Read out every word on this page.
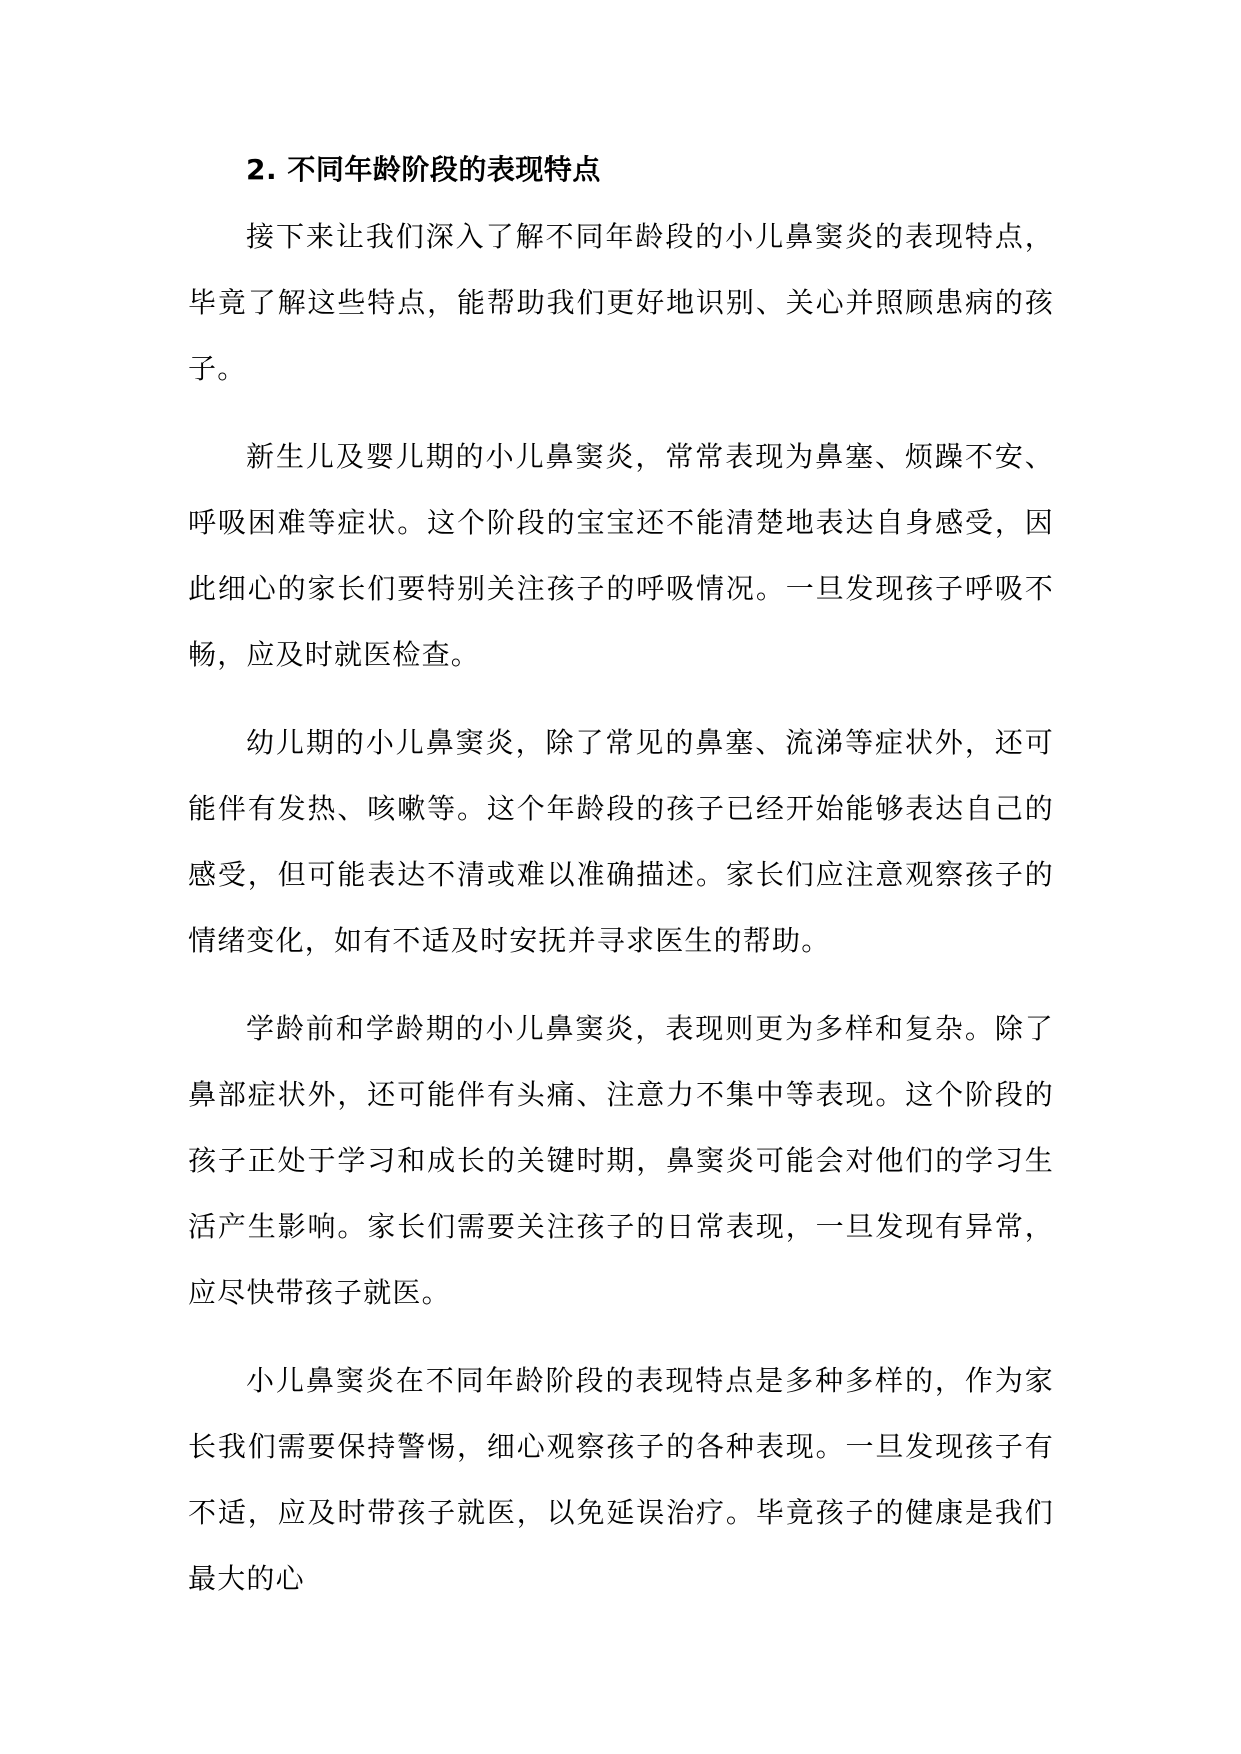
2. 不同年龄阶段的表现特点

接下来让我们深入了解不同年龄段的小儿鼻窦炎的表现特点，毕竟了解这些特点，能帮助我们更好地识别、关心并照顾患病的孩子。

新生儿及婴儿期的小儿鼻窦炎，常常表现为鼻塞、烦躁不安、呼吸困难等症状。这个阶段的宝宝还不能清楚地表达自身感受，因此细心的家长们要特别关注孩子的呼吸情况。一旦发现孩子呼吸不畅，应及时就医检查。

幼儿期的小儿鼻窦炎，除了常见的鼻塞、流涕等症状外，还可能伴有发热、咳嗽等。这个年龄段的孩子已经开始能够表达自己的感受，但可能表达不清或难以准确描述。家长们应注意观察孩子的情绪变化，如有不适及时安抚并寻求医生的帮助。

学龄前和学龄期的小儿鼻窦炎，表现则更为多样和复杂。除了鼻部症状外，还可能伴有头痛、注意力不集中等表现。这个阶段的孩子正处于学习和成长的关键时期，鼻窦炎可能会对他们的学习生活产生影响。家长们需要关注孩子的日常表现，一旦发现有异常，应尽快带孩子就医。

小儿鼻窦炎在不同年龄阶段的表现特点是多种多样的，作为家长我们需要保持警惕，细心观察孩子的各种表现。一旦发现孩子有不适，应及时带孩子就医，以免延误治疗。毕竟孩子的健康是我们最大的心
